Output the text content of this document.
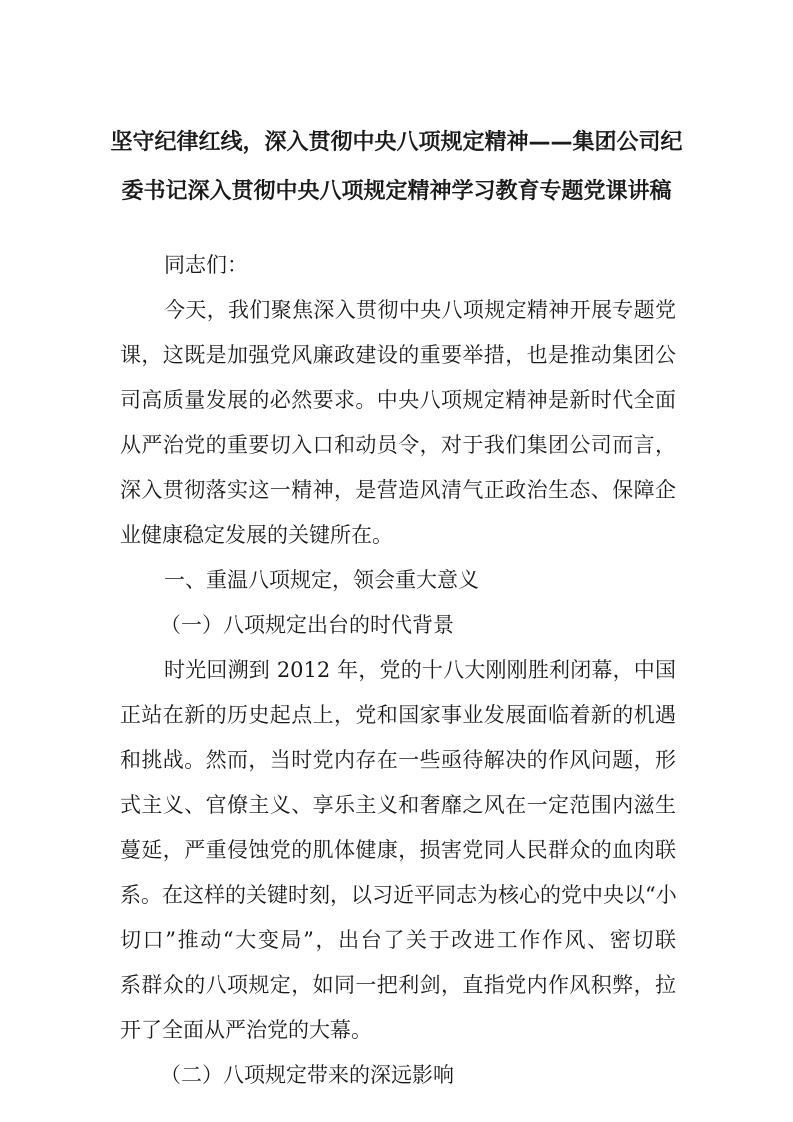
坚守纪律红线，深入贯彻中央八项规定精神——集团公司纪
委书记深入贯彻中央八项规定精神学习教育专题党课讲稿

同志们：

今天，我们聚焦深入贯彻中央八项规定精神开展专题党

课，这既是加强党风廉政建设的重要举措，也是推动集团公

司高质量发展的必然要求。中央八项规定精神是新时代全面

从严治党的重要切入口和动员令，对于我们集团公司而言，

深入贯彻落实这一精神，是营造风清气正政治生态、保障企

业健康稳定发展的关键所在。

一、重温八项规定，领会重大意义

（一）八项规定出台的时代背景

时光回溯到 2012 年，党的十八大刚刚胜利闭幕，中国

正站在新的历史起点上，党和国家事业发展面临着新的机遇

和挑战。然而，当时党内存在一些亟待解决的作风问题，形

式主义、官僚主义、享乐主义和奢靡之风在一定范围内滋生

蔓延，严重侵蚀党的肌体健康，损害党同人民群众的血肉联

系。在这样的关键时刻，以习近平同志为核心的党中央以“小

切口”推动“大变局”，出台了关于改进工作作风、密切联

系群众的八项规定，如同一把利剑，直指党内作风积弊，拉

开了全面从严治党的大幕。

（二）八项规定带来的深远影响
